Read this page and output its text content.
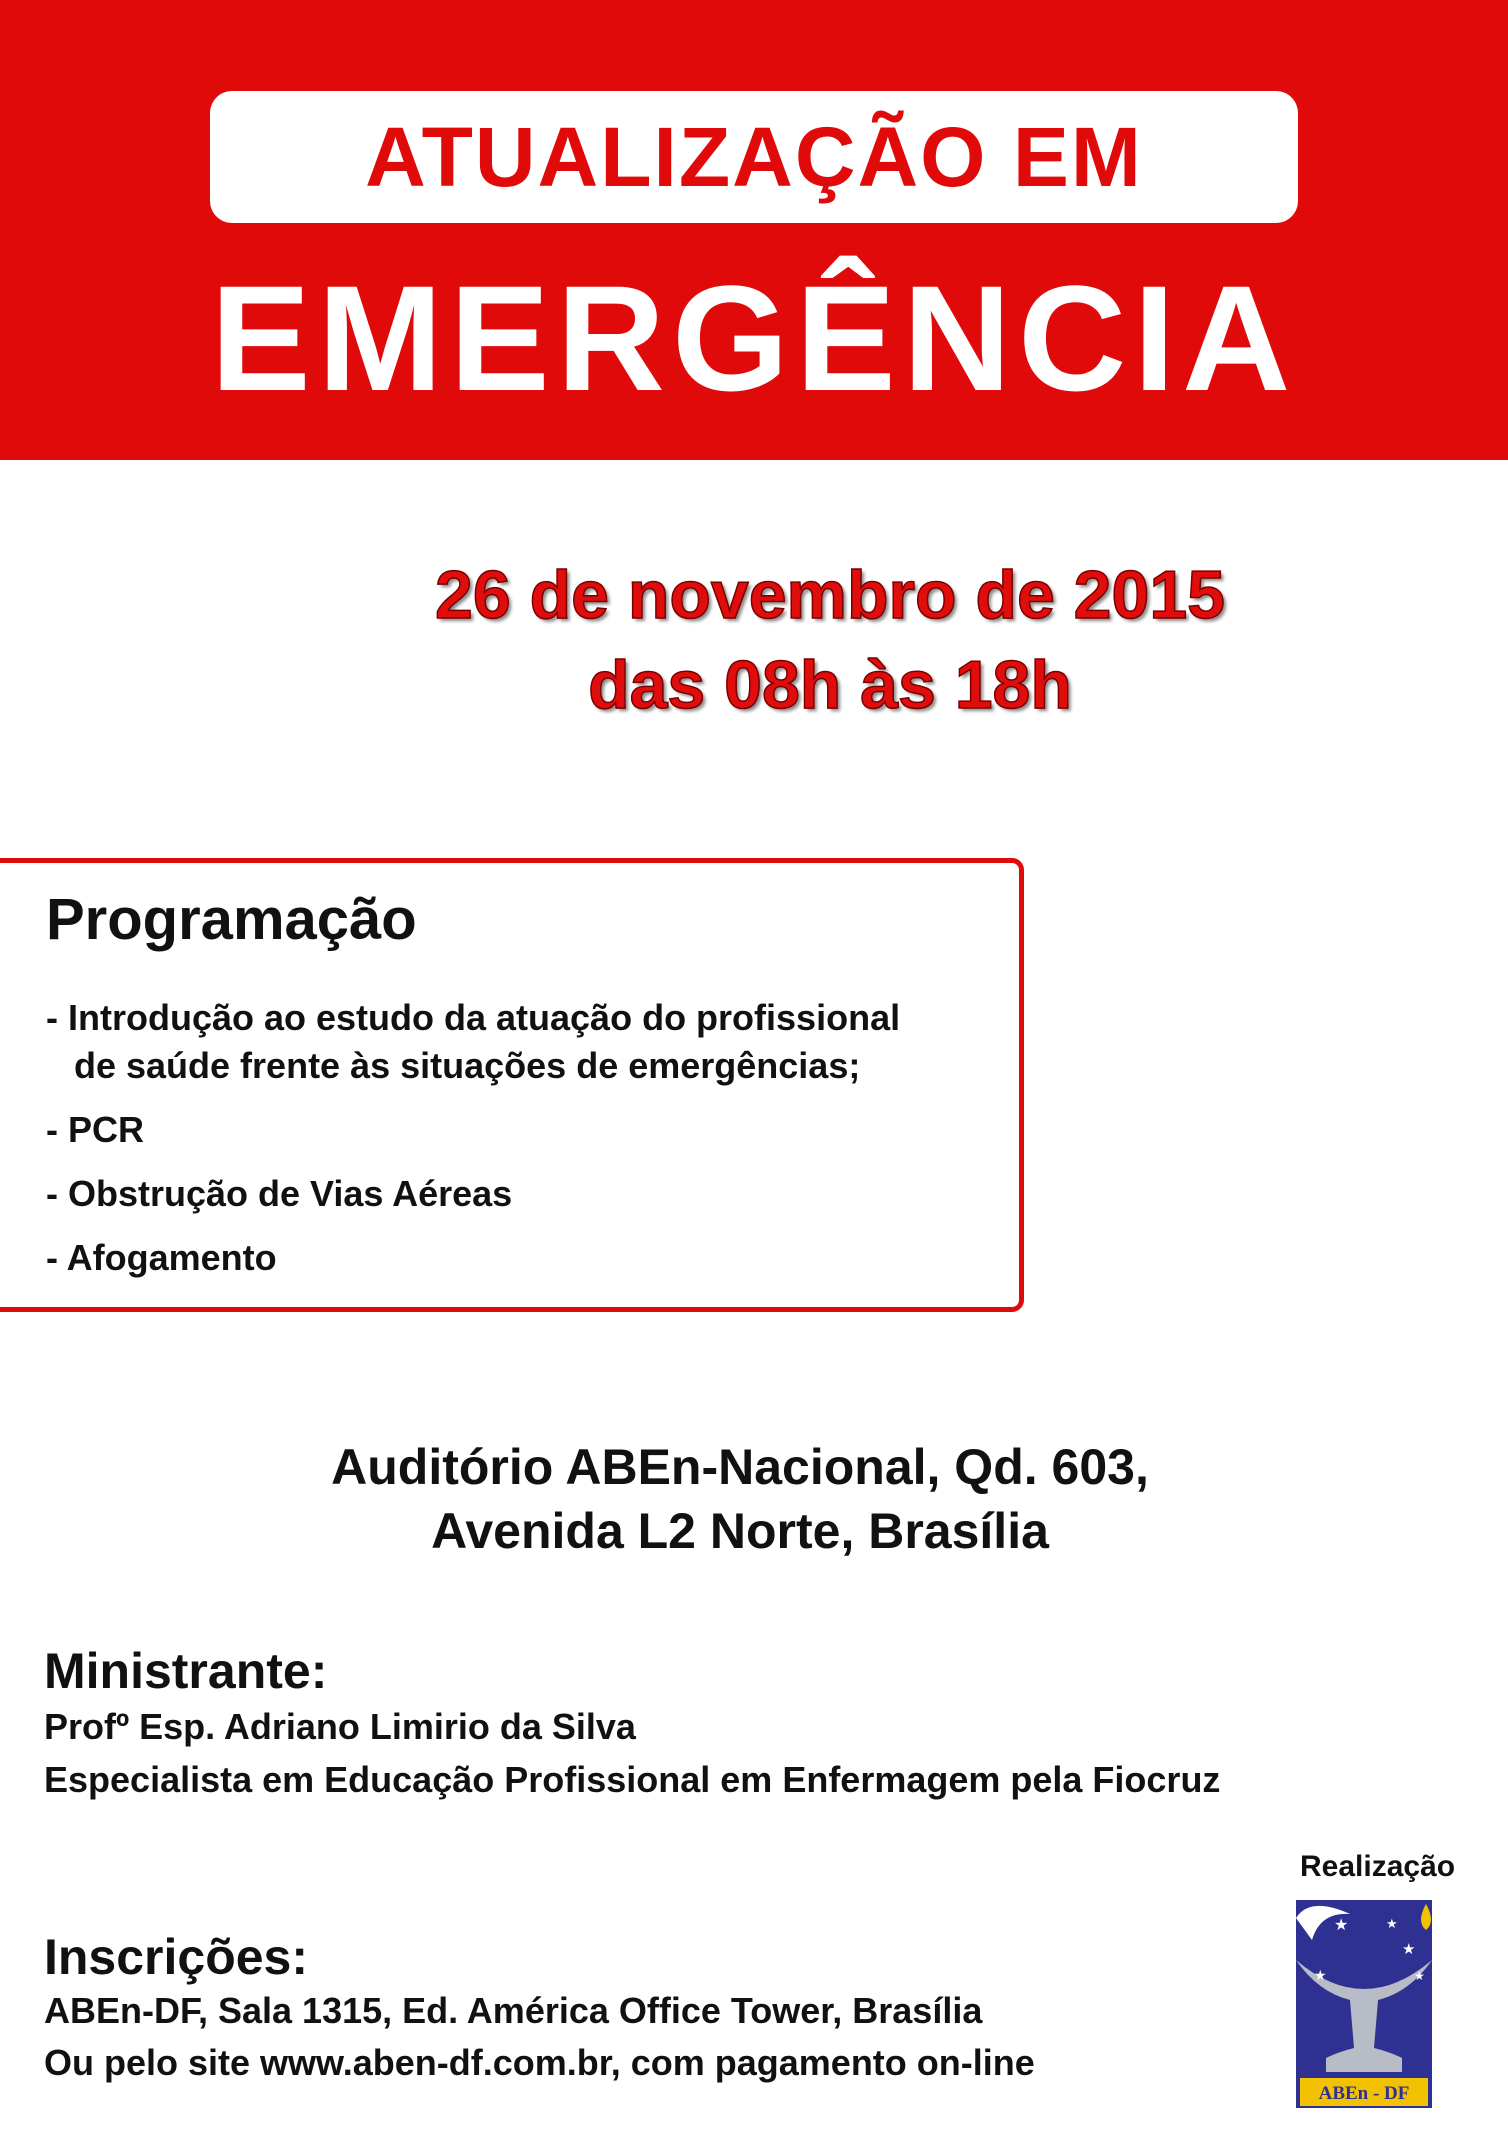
ATUALIZAÇÃO EM
EMERGÊNCIA
26 de novembro de 2015
das 08h às 18h
Programação
- Introdução ao estudo da atuação do profissional
de saúde frente às situações de emergências;
- PCR
- Obstrução de Vias Aéreas
- Afogamento
Auditório ABEn-Nacional, Qd. 603,
Avenida L2 Norte, Brasília
Ministrante:
Profº Esp. Adriano Limirio da Silva
Especialista em Educação Profissional em Enfermagem pela Fiocruz
Inscrições:
ABEn-DF, Sala 1315, Ed. América Office Tower, Brasília
Ou pelo site www.aben-df.com.br, com pagamento on-line
Realização
★	★
★
★	★
ABEn - DF
